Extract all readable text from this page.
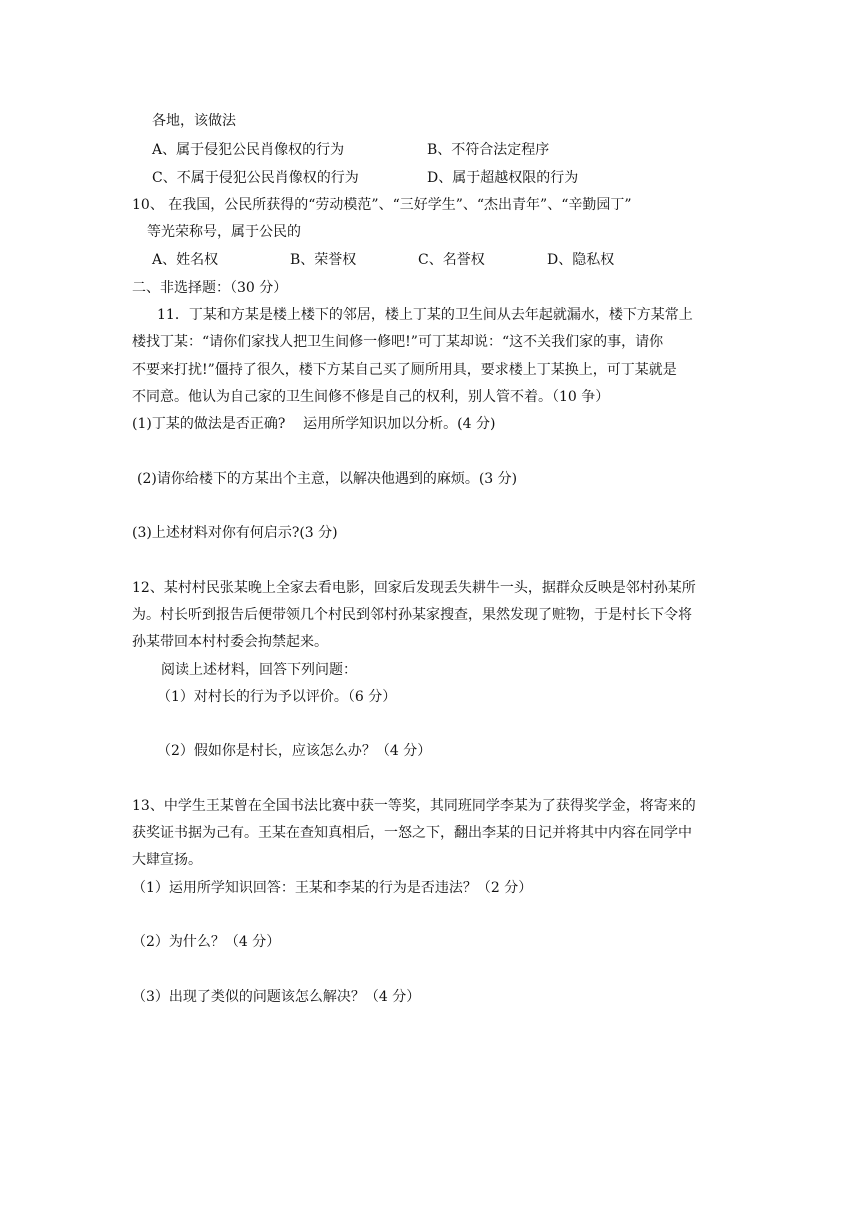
各地，该做法
A、属于侵犯公民肖像权的行为	B、不符合法定程序
C、不属于侵犯公民肖像权的行为	D、属于超越权限的行为
10、 在我国，公民所获得的“劳动模范”、“三好学生”、“杰出青年”、“辛勤园丁”
等光荣称号，属于公民的
A、姓名权	B、荣誉权	C、名誉权	D、隐私权
二、非选择题：（30 分）
11．丁某和方某是楼上楼下的邻居，楼上丁某的卫生间从去年起就漏水，楼下方某常上
楼找丁某：“请你们家找人把卫生间修一修吧!”可丁某却说：“这不关我们家的事，请你
不要来打扰!”僵持了很久，楼下方某自己买了厕所用具，要求楼上丁某换上，可丁某就是
不同意。他认为自己家的卫生间修不修是自己的权利，别人管不着。（10 争）
(1)丁某的做法是否正确?    运用所学知识加以分析。(4 分)
(2)请你给楼下的方某出个主意，以解决他遇到的麻烦。(3 分)
(3)上述材料对你有何启示?(3 分)
12、某村村民张某晚上全家去看电影，回家后发现丢失耕牛一头，据群众反映是邻村孙某所
为。村长听到报告后便带领几个村民到邻村孙某家搜查，果然发现了赃物，于是村长下令将
孙某带回本村村委会拘禁起来。
阅读上述材料，回答下列问题：
（1）对村长的行为予以评价。（6 分）
（2）假如你是村长，应该怎么办？（4 分）
13、中学生王某曾在全国书法比赛中获一等奖，其同班同学李某为了获得奖学金，将寄来的
获奖证书据为己有。王某在查知真相后，一怒之下，翻出李某的日记并将其中内容在同学中
大肆宣扬。
（1）运用所学知识回答：王某和李某的行为是否违法？（2 分）
（2）为什么？（4 分）
（3）出现了类似的问题该怎么解决？（4 分）
